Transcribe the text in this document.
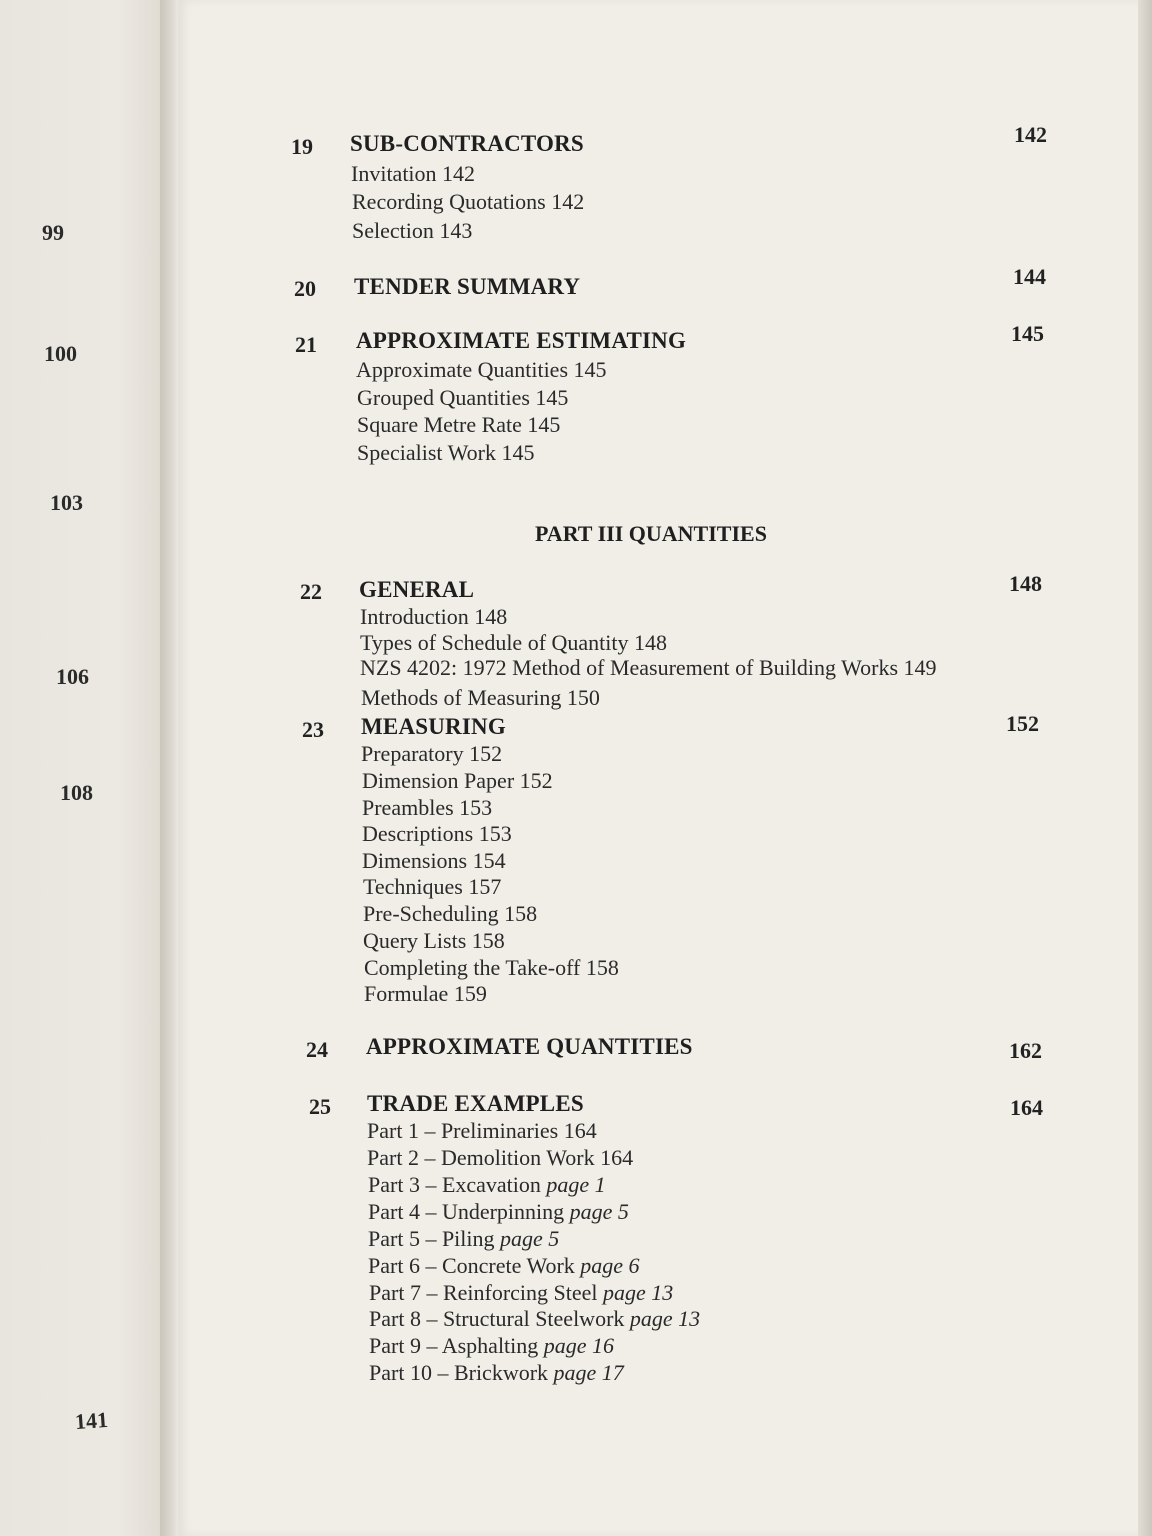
99
100
103
106
108
141
19 SUB-CONTRACTORS	142
Invitation 142
Recording Quotations 142
Selection 143
20 TENDER SUMMARY	144
21 APPROXIMATE ESTIMATING	145
Approximate Quantities 145
Grouped Quantities 145
Square Metre Rate 145
Specialist Work 145
PART III QUANTITIES
22 GENERAL	148
Introduction 148
Types of Schedule of Quantity 148
NZS 4202: 1972 Method of Measurement of Building Works 149
Methods of Measuring 150
23 MEASURING	152
Preparatory 152
Dimension Paper 152
Preambles 153
Descriptions 153
Dimensions 154
Techniques 157
Pre-Scheduling 158
Query Lists 158
Completing the Take-off 158
Formulae 159
24 APPROXIMATE QUANTITIES	162
25 TRADE EXAMPLES	164
Part 1 – Preliminaries 164
Part 2 – Demolition Work 164
Part 3 – Excavation page 1
Part 4 – Underpinning page 5
Part 5 – Piling page 5
Part 6 – Concrete Work page 6
Part 7 – Reinforcing Steel page 13
Part 8 – Structural Steelwork page 13
Part 9 – Asphalting page 16
Part 10 – Brickwork page 17
